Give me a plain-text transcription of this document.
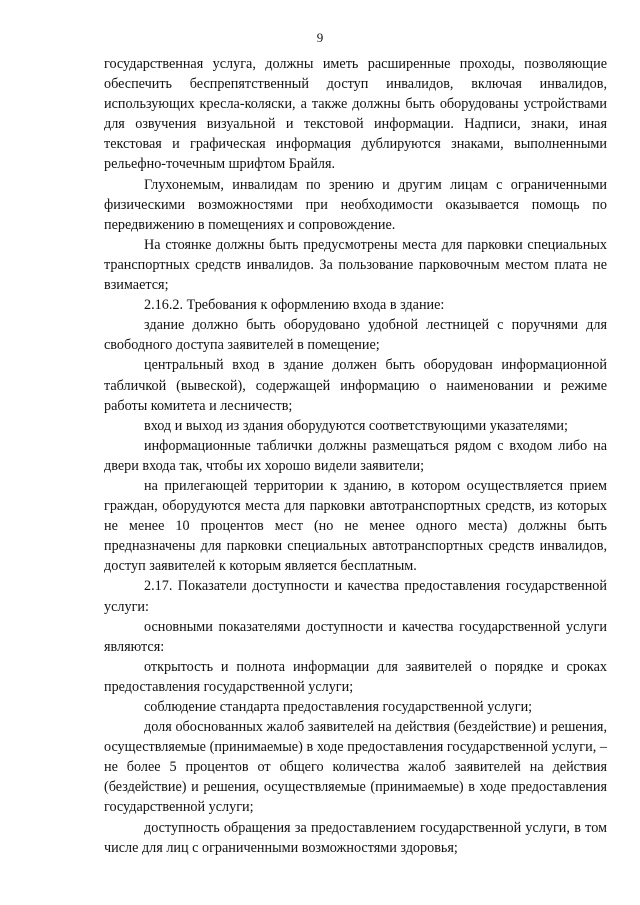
9

государственная услуга, должны иметь расширенные проходы, позволяющие обеспечить беспрепятственный доступ инвалидов, включая инвалидов, использующих кресла-коляски, а также должны быть оборудованы устройствами для озвучения визуальной и текстовой информации. Надписи, знаки, иная текстовая и графическая информация дублируются знаками, выполненными рельефно-точечным шрифтом Брайля.

Глухонемым, инвалидам по зрению и другим лицам с ограниченными физическими возможностями при необходимости оказывается помощь по передвижению в помещениях и сопровождение.

На стоянке должны быть предусмотрены места для парковки специальных транспортных средств инвалидов. За пользование парковочным местом плата не взимается;

2.16.2. Требования к оформлению входа в здание:

здание должно быть оборудовано удобной лестницей с поручнями для свободного доступа заявителей в помещение;

центральный вход в здание должен быть оборудован информационной табличкой (вывеской), содержащей информацию о наименовании и режиме работы комитета и лесничеств;

вход и выход из здания оборудуются соответствующими указателями;

информационные таблички должны размещаться рядом с входом либо на двери входа так, чтобы их хорошо видели заявители;

на прилегающей территории к зданию, в котором осуществляется прием граждан, оборудуются места для парковки автотранспортных средств, из которых не менее 10 процентов мест (но не менее одного места) должны быть предназначены для парковки специальных автотранспортных средств инвалидов, доступ заявителей к которым является бесплатным.

2.17. Показатели доступности и качества предоставления государственной услуги:

основными показателями доступности и качества государственной услуги являются:

открытость и полнота информации для заявителей о порядке и сроках предоставления государственной услуги;

соблюдение стандарта предоставления государственной услуги;

доля обоснованных жалоб заявителей на действия (бездействие) и решения, осуществляемые (принимаемые) в ходе предоставления государственной услуги, – не более 5 процентов от общего количества жалоб заявителей на действия (бездействие) и решения, осуществляемые (принимаемые) в ходе предоставления государственной услуги;

доступность обращения за предоставлением государственной услуги, в том числе для лиц с ограниченными возможностями здоровья;
